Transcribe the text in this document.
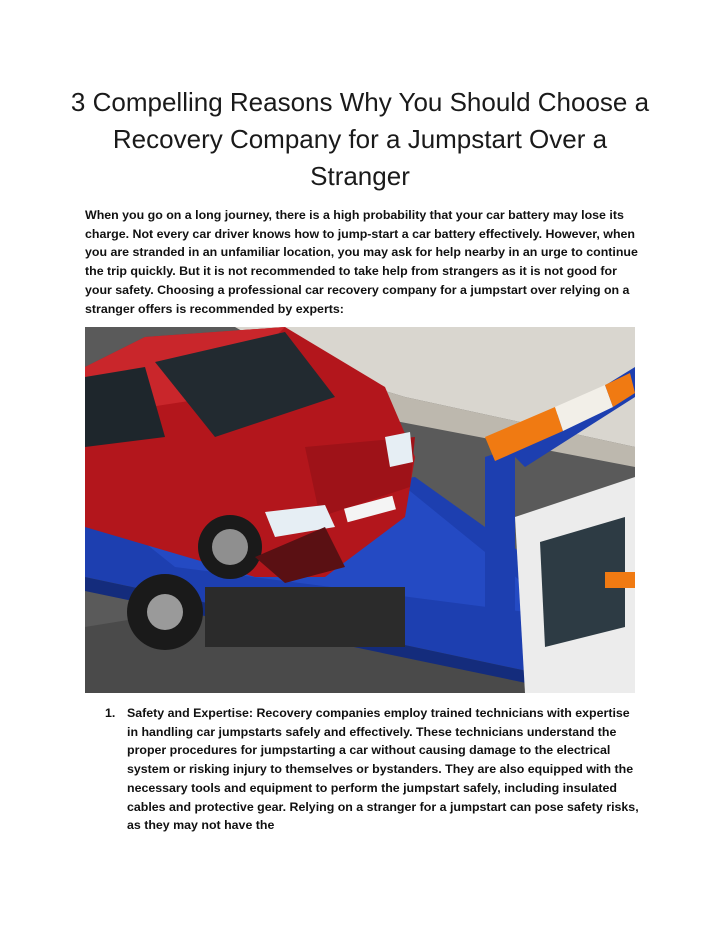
3 Compelling Reasons Why You Should Choose a Recovery Company for a Jumpstart Over a Stranger

When you go on a long journey, there is a high probability that your car battery may lose its charge. Not every car driver knows how to jump-start a car battery effectively. However, when you are stranded in an unfamiliar location, you may ask for help nearby in an urge to continue the trip quickly. But it is not recommended to take help from strangers as it is not good for your safety. Choosing a professional car recovery company for a jumpstart over relying on a stranger offers is recommended by experts:

1. Safety and Expertise: Recovery companies employ trained technicians with expertise in handling car jumpstarts safely and effectively. These technicians understand the proper procedures for jumpstarting a car without causing damage to the electrical system or risking injury to themselves or bystanders. They are also equipped with the necessary tools and equipment to perform the jumpstart safely, including insulated cables and protective gear. Relying on a stranger for a jumpstart can pose safety risks, as they may not have the
